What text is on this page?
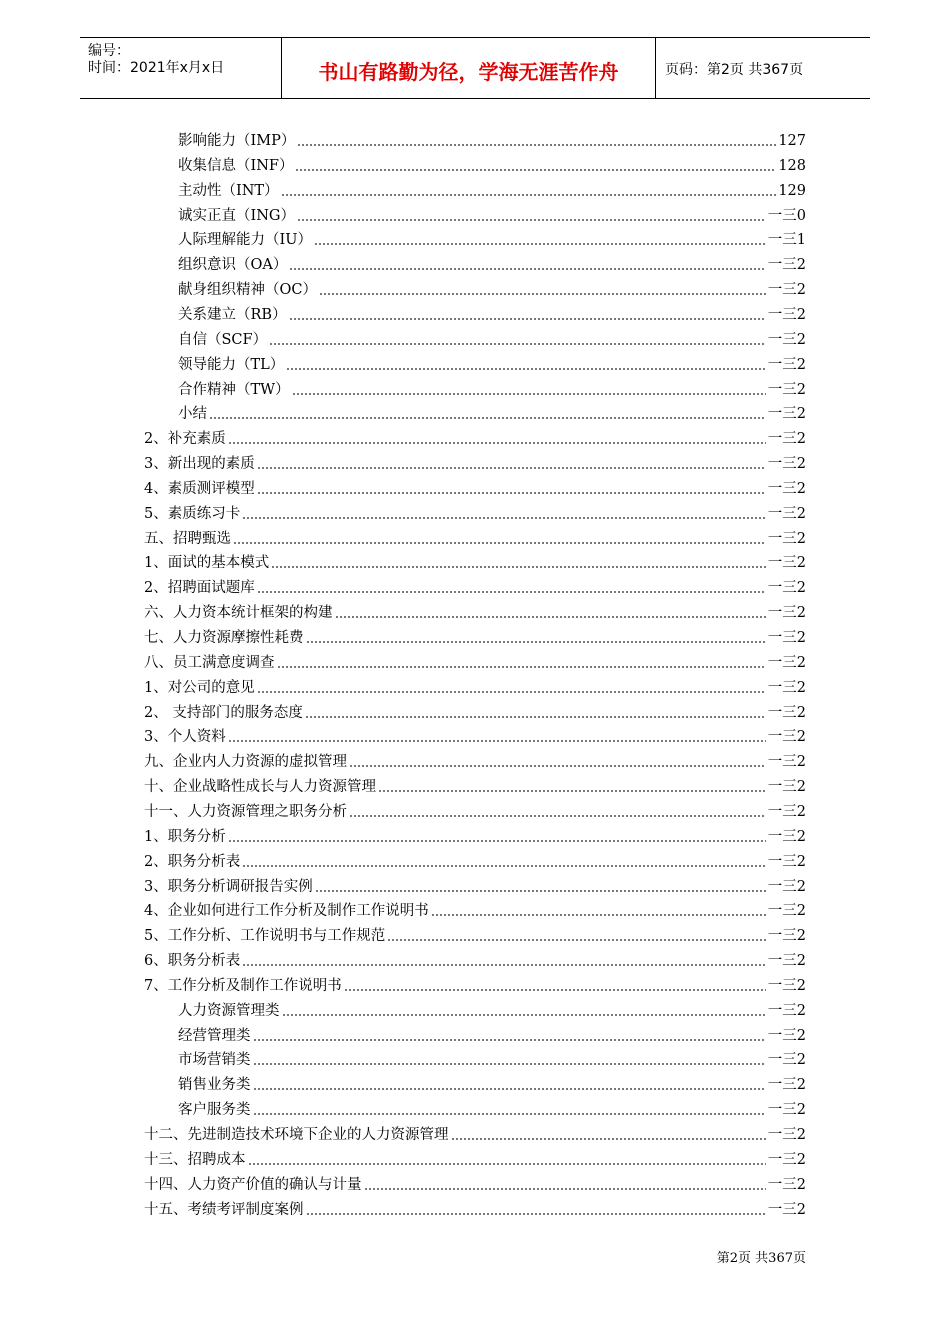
编号：
时间：2021年x月x日	书山有路勤为径，学海无涯苦作舟	页码：第2页 共367页
影响能力（IMP）	127
收集信息（INF）	128
主动性（INT）	129
诚实正直（ING）	一三0
人际理解能力（IU）	一三1
组织意识（OA）	一三2
献身组织精神（OC）	一三2
关系建立（RB）	一三2
自信（SCF）	一三2
领导能力（TL）	一三2
合作精神（TW）	一三2
小结	一三2
2、补充素质	一三2
3、新出现的素质	一三2
4、素质测评模型	一三2
5、素质练习卡	一三2
五、招聘甄选	一三2
1、面试的基本模式	一三2
2、招聘面试题库	一三2
六、人力资本统计框架的构建	一三2
七、人力资源摩擦性耗费	一三2
八、员工满意度调查	一三2
1、对公司的意见	一三2
2、 支持部门的服务态度	一三2
3、个人资料	一三2
九、企业内人力资源的虚拟管理	一三2
十、企业战略性成长与人力资源管理	一三2
十一、人力资源管理之职务分析	一三2
1、职务分析	一三2
2、职务分析表	一三2
3、职务分析调研报告实例	一三2
4、企业如何进行工作分析及制作工作说明书	一三2
5、工作分析、工作说明书与工作规范	一三2
6、职务分析表	一三2
7、工作分析及制作工作说明书	一三2
人力资源管理类	一三2
经营管理类	一三2
市场营销类	一三2
销售业务类	一三2
客户服务类	一三2
十二、先进制造技术环境下企业的人力资源管理	一三2
十三、招聘成本	一三2
十四、人力资产价值的确认与计量	一三2
十五、考绩考评制度案例	一三2
第2页 共367页
